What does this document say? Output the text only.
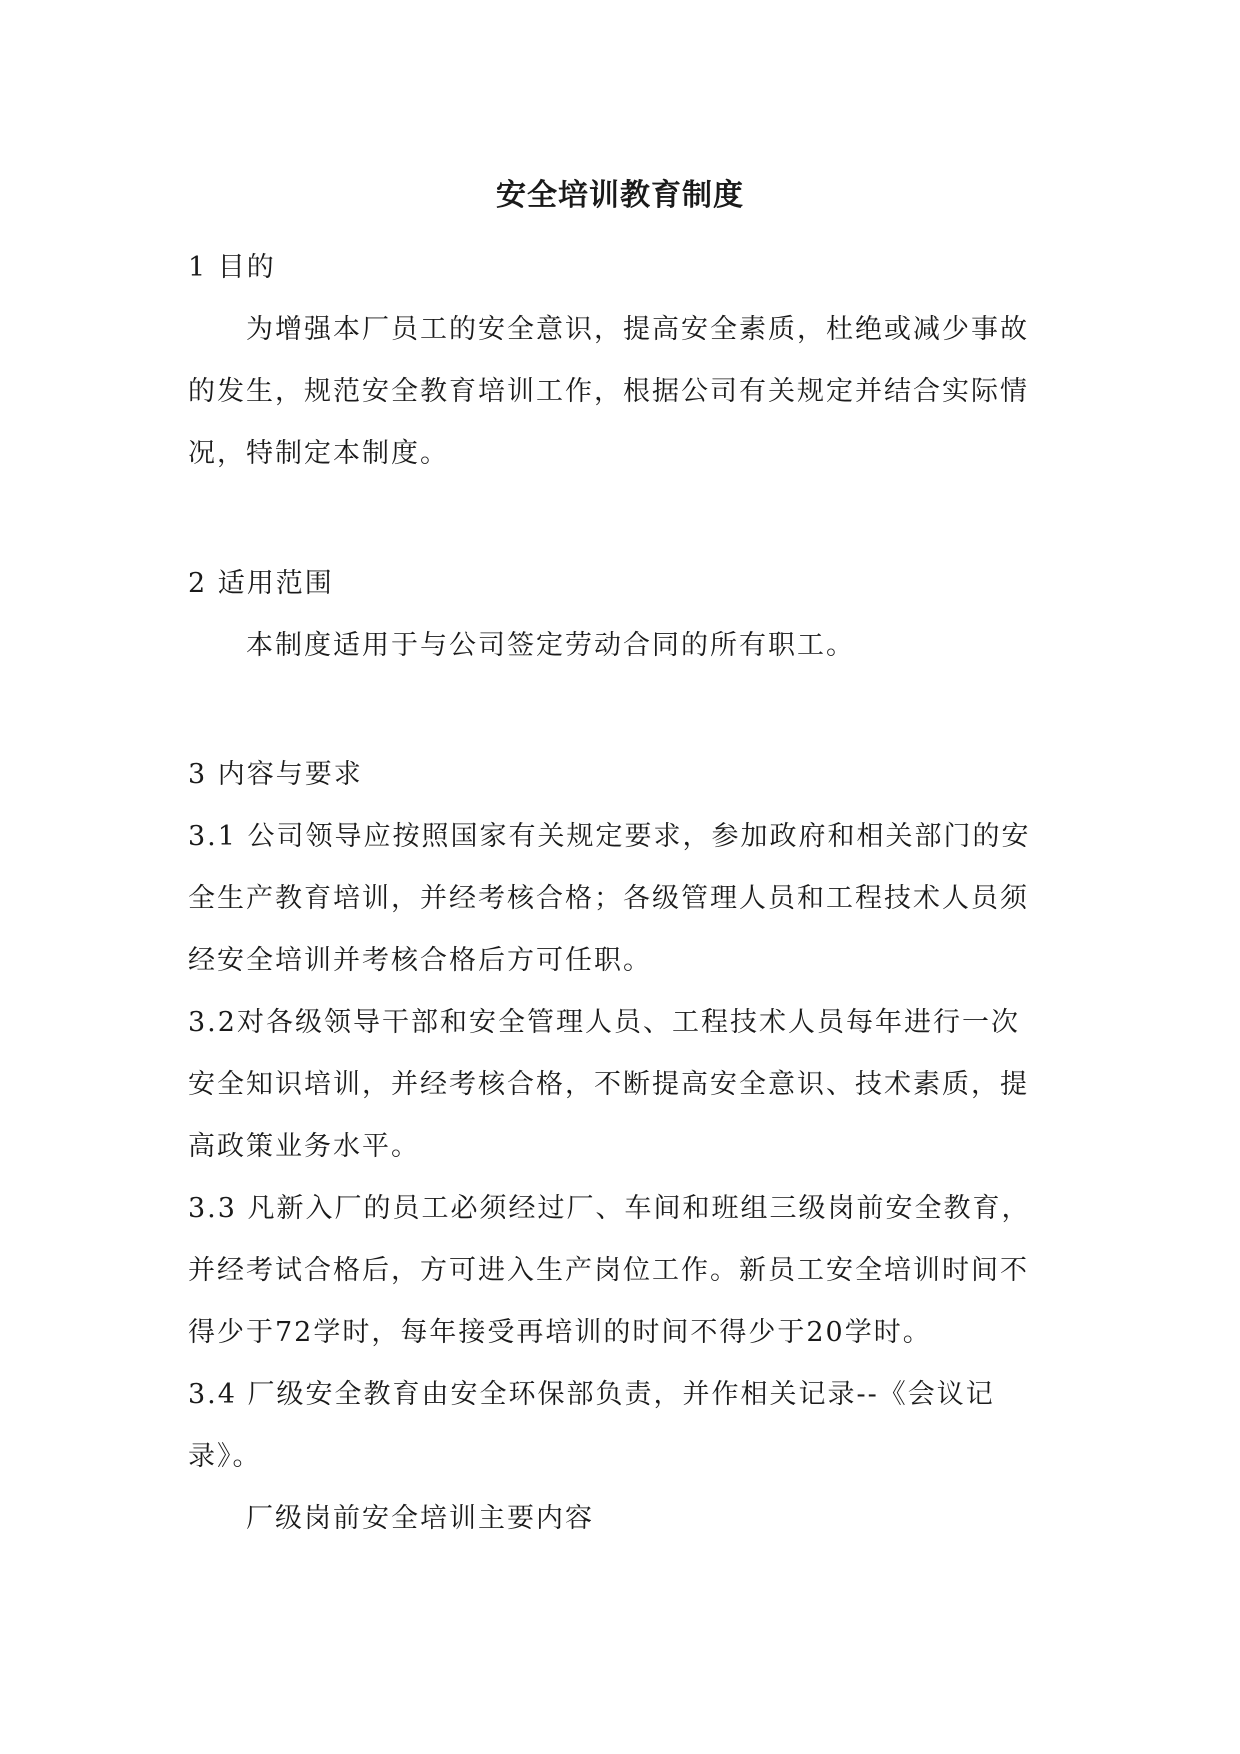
安全培训教育制度
1 目的
为增强本厂员工的安全意识，提高安全素质，杜绝或减少事故
的发生，规范安全教育培训工作，根据公司有关规定并结合实际情
况，特制定本制度。
2 适用范围
本制度适用于与公司签定劳动合同的所有职工。
3 内容与要求
3.1 公司领导应按照国家有关规定要求，参加政府和相关部门的安
全生产教育培训，并经考核合格；各级管理人员和工程技术人员须
经安全培训并考核合格后方可任职。
3.2对各级领导干部和安全管理人员、工程技术人员每年进行一次
安全知识培训，并经考核合格，不断提高安全意识、技术素质，提
高政策业务水平。
3.3 凡新入厂的员工必须经过厂、车间和班组三级岗前安全教育，
并经考试合格后，方可进入生产岗位工作。新员工安全培训时间不
得少于72学时，每年接受再培训的时间不得少于20学时。
3.4 厂级安全教育由安全环保部负责，并作相关记录--《会议记
录》。
厂级岗前安全培训主要内容
